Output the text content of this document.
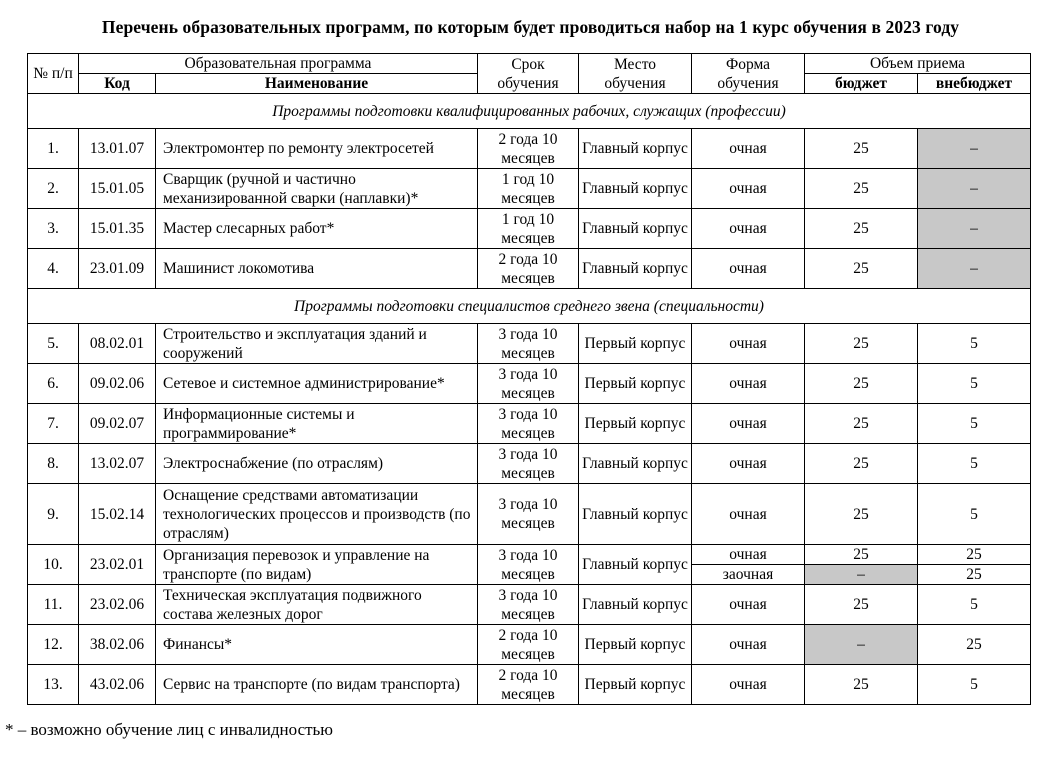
Перечень образовательных программ, по которым будет проводиться набор на 1 курс обучения в 2023 году
№ п/п	Образовательная программа		Срок обучения	Место обучения	Форма обучения	Объем приема	
	Код	Наименование				бюджет	внебюджет
Программы подготовки квалифицированных рабочих, служащих (профессии)							
1.	13.01.07	Электромонтер по ремонту электросетей	2 года 10 месяцев	Главный корпус	очная	25	–
2.	15.01.05	Сварщик (ручной и частично механизированной сварки (наплавки)*	1 год 10 месяцев	Главный корпус	очная	25	–
3.	15.01.35	Мастер слесарных работ*	1 год 10 месяцев	Главный корпус	очная	25	–
4.	23.01.09	Машинист локомотива	2 года 10 месяцев	Главный корпус	очная	25	–
Программы подготовки специалистов среднего звена (специальности)							
5.	08.02.01	Строительство и эксплуатация зданий и сооружений	3 года 10 месяцев	Первый корпус	очная	25	5
6.	09.02.06	Сетевое и системное администрирование*	3 года 10 месяцев	Первый корпус	очная	25	5
7.	09.02.07	Информационные системы и программирование*	3 года 10 месяцев	Первый корпус	очная	25	5
8.	13.02.07	Электроснабжение (по отраслям)	3 года 10 месяцев	Главный корпус	очная	25	5
9.	15.02.14	Оснащение средствами автоматизации технологических процессов и производств (по отраслям)	3 года 10 месяцев	Главный корпус	очная	25	5
10.	23.02.01	Организация перевозок и управление на транспорте (по видам)	3 года 10 месяцев	Главный корпус	очная	25	25
					заочная	–	25
11.	23.02.06	Техническая эксплуатация подвижного состава железных дорог	3 года 10 месяцев	Главный корпус	очная	25	5
12.	38.02.06	Финансы*	2 года 10 месяцев	Первый корпус	очная	–	25
13.	43.02.06	Сервис на транспорте (по видам транспорта)	2 года 10 месяцев	Первый корпус	очная	25	5
* – возможно обучение лиц с инвалидностью
